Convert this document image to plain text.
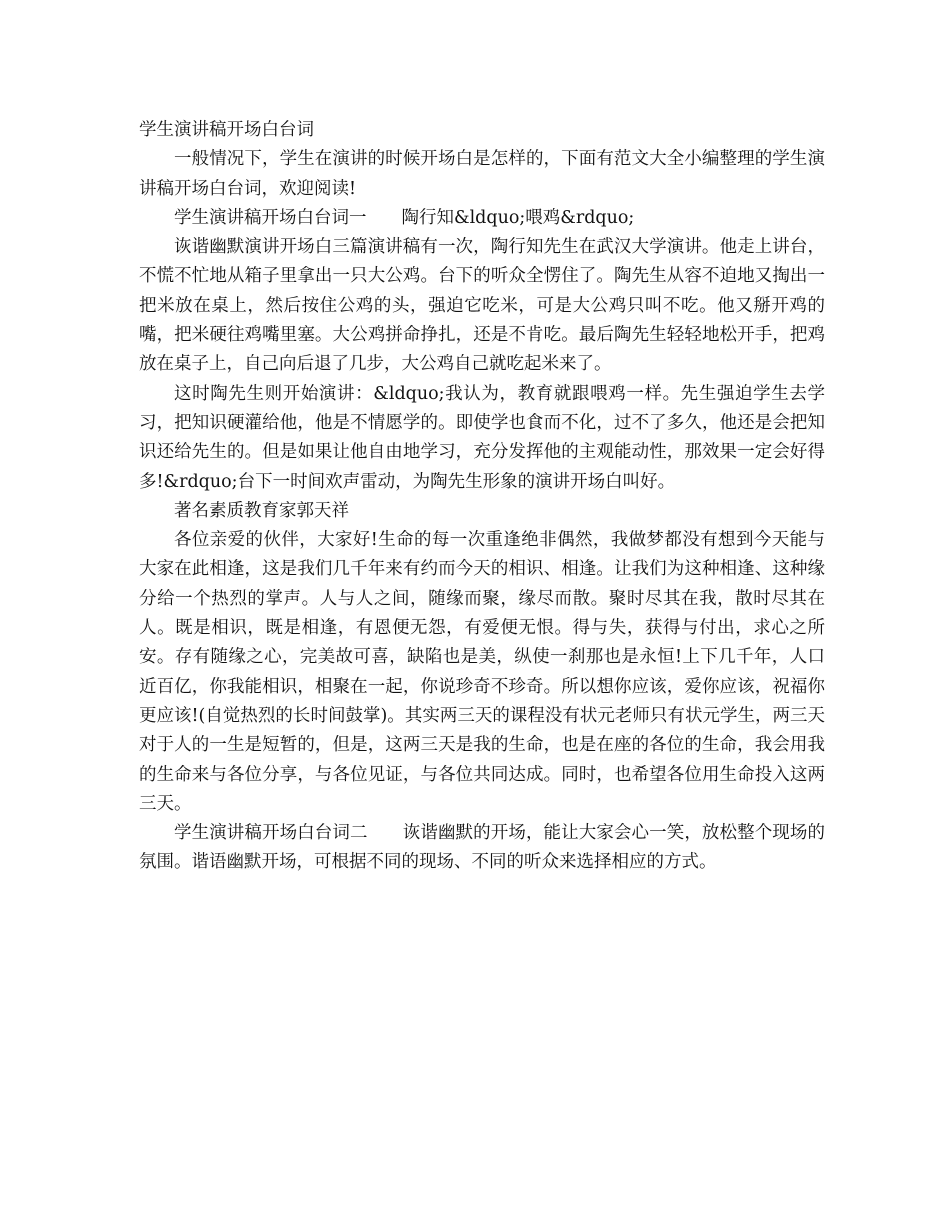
学生演讲稿开场白台词

一般情况下，学生在演讲的时候开场白是怎样的，下面有范文大全小编整理的学生演讲稿开场白台词，欢迎阅读!

学生演讲稿开场白台词一　　陶行知&ldquo;喂鸡&rdquo;

诙谐幽默演讲开场白三篇演讲稿有一次，陶行知先生在武汉大学演讲。他走上讲台，不慌不忙地从箱子里拿出一只大公鸡。台下的听众全愣住了。陶先生从容不迫地又掏出一把米放在桌上，然后按住公鸡的头，强迫它吃米，可是大公鸡只叫不吃。他又掰开鸡的嘴，把米硬往鸡嘴里塞。大公鸡拼命挣扎，还是不肯吃。最后陶先生轻轻地松开手，把鸡放在桌子上，自己向后退了几步，大公鸡自己就吃起米来了。

这时陶先生则开始演讲：&ldquo;我认为，教育就跟喂鸡一样。先生强迫学生去学习，把知识硬灌给他，他是不情愿学的。即使学也食而不化，过不了多久，他还是会把知识还给先生的。但是如果让他自由地学习，充分发挥他的主观能动性，那效果一定会好得多!&rdquo;台下一时间欢声雷动，为陶先生形象的演讲开场白叫好。

著名素质教育家郭天祥

各位亲爱的伙伴，大家好!生命的每一次重逢绝非偶然，我做梦都没有想到今天能与大家在此相逢，这是我们几千年来有约而今天的相识、相逢。让我们为这种相逢、这种缘分给一个热烈的掌声。人与人之间，随缘而聚，缘尽而散。聚时尽其在我，散时尽其在人。既是相识，既是相逢，有恩便无怨，有爱便无恨。得与失，获得与付出，求心之所安。存有随缘之心，完美故可喜，缺陷也是美，纵使一刹那也是永恒!上下几千年，人口近百亿，你我能相识，相聚在一起，你说珍奇不珍奇。所以想你应该，爱你应该，祝福你更应该!(自觉热烈的长时间鼓掌)。其实两三天的课程没有状元老师只有状元学生，两三天对于人的一生是短暂的，但是，这两三天是我的生命，也是在座的各位的生命，我会用我的生命来与各位分享，与各位见证，与各位共同达成。同时，也希望各位用生命投入这两三天。

学生演讲稿开场白台词二　　诙谐幽默的开场，能让大家会心一笑，放松整个现场的氛围。谐语幽默开场，可根据不同的现场、不同的听众来选择相应的方式。
